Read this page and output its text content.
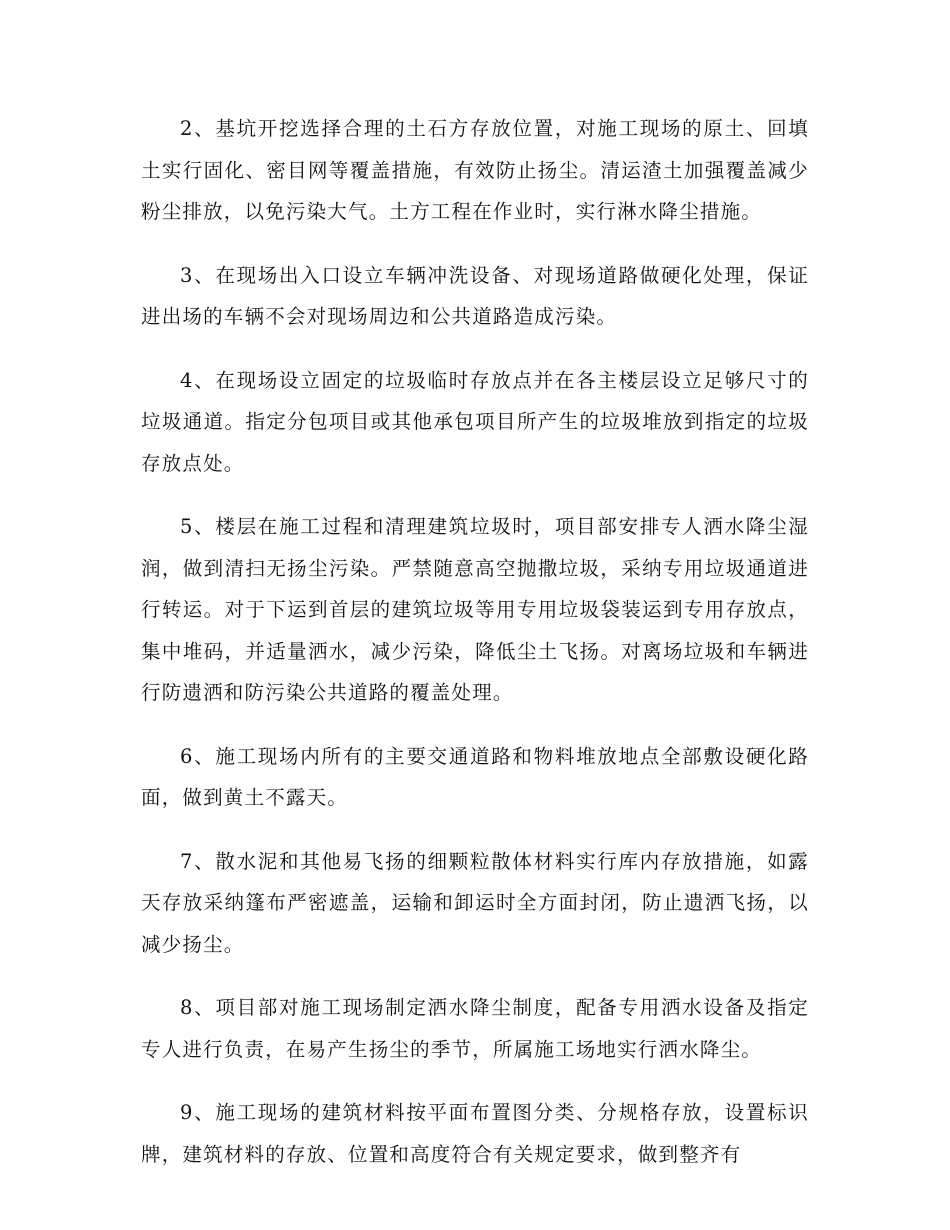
2、基坑开挖选择合理的土石方存放位置，对施工现场的原土、回填土实行固化、密目网等覆盖措施，有效防止扬尘。清运渣土加强覆盖减少粉尘排放，以免污染大气。土方工程在作业时，实行淋水降尘措施。

3、在现场出入口设立车辆冲洗设备、对现场道路做硬化处理，保证进出场的车辆不会对现场周边和公共道路造成污染。

4、在现场设立固定的垃圾临时存放点并在各主楼层设立足够尺寸的垃圾通道。指定分包项目或其他承包项目所产生的垃圾堆放到指定的垃圾存放点处。

5、楼层在施工过程和清理建筑垃圾时，项目部安排专人洒水降尘湿润，做到清扫无扬尘污染。严禁随意高空抛撒垃圾，采纳专用垃圾通道进行转运。对于下运到首层的建筑垃圾等用专用垃圾袋装运到专用存放点，集中堆码，并适量洒水，减少污染，降低尘土飞扬。对离场垃圾和车辆进行防遗洒和防污染公共道路的覆盖处理。

6、施工现场内所有的主要交通道路和物料堆放地点全部敷设硬化路面，做到黄土不露天。

7、散水泥和其他易飞扬的细颗粒散体材料实行库内存放措施，如露天存放采纳篷布严密遮盖，运输和卸运时全方面封闭，防止遗洒飞扬，以减少扬尘。

8、项目部对施工现场制定洒水降尘制度，配备专用洒水设备及指定专人进行负责，在易产生扬尘的季节，所属施工场地实行洒水降尘。

9、施工现场的建筑材料按平面布置图分类、分规格存放，设置标识牌，建筑材料的存放、位置和高度符合有关规定要求，做到整齐有
